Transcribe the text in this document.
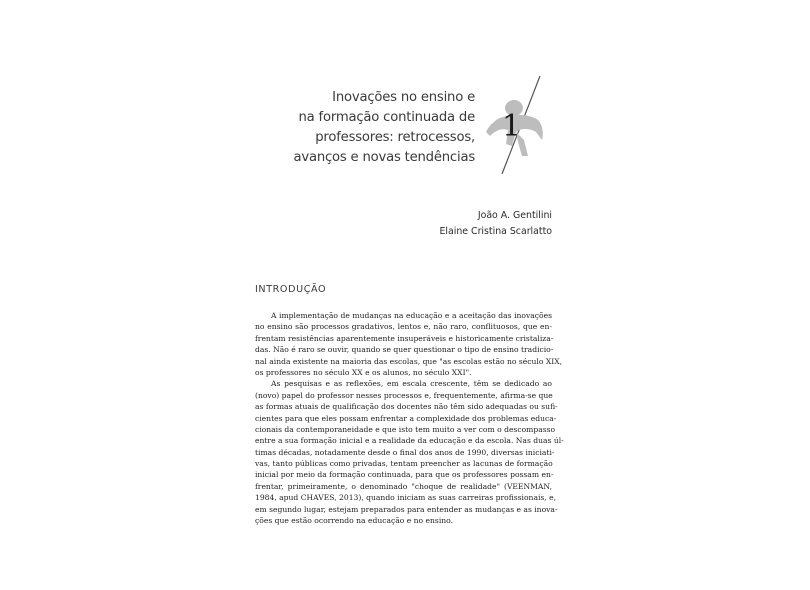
Inovações no ensino e
na formação continuada de
professores: retrocessos,
avanços e novas tendências
1
João A. Gentilini
Elaine Cristina Scarlatto
INTRODUÇÃO
A implementação de mudanças na educação e a aceitação das inovações
no ensino são processos gradativos, lentos e, não raro, conflituosos, que en-
frentam resistências aparentemente insuperáveis e historicamente cristaliza-
das. Não é raro se ouvir, quando se quer questionar o tipo de ensino tradicio-
nal ainda existente na maioria das escolas, que "as escolas estão no século XIX,
os professores no século XX e os alunos, no século XXI".
As pesquisas e as reflexões, em escala crescente, têm se dedicado ao
(novo) papel do professor nesses processos e, frequentemente, afirma-se que
as formas atuais de qualificação dos docentes não têm sido adequadas ou sufi-
cientes para que eles possam enfrentar a complexidade dos problemas educa-
cionais da contemporaneidade e que isto tem muito a ver com o descompasso
entre a sua formação inicial e a realidade da educação e da escola. Nas duas úl-
timas décadas, notadamente desde o final dos anos de 1990, diversas iniciati-
vas, tanto públicas como privadas, tentam preencher as lacunas de formação
inicial por meio da formação continuada, para que os professores possam en-
frentar, primeiramente, o denominado "choque de realidade" (VEENMAN,
1984, apud CHAVES, 2013), quando iniciam as suas carreiras profissionais, e,
em segundo lugar, estejam preparados para entender as mudanças e as inova-
ções que estão ocorrendo na educação e no ensino.
